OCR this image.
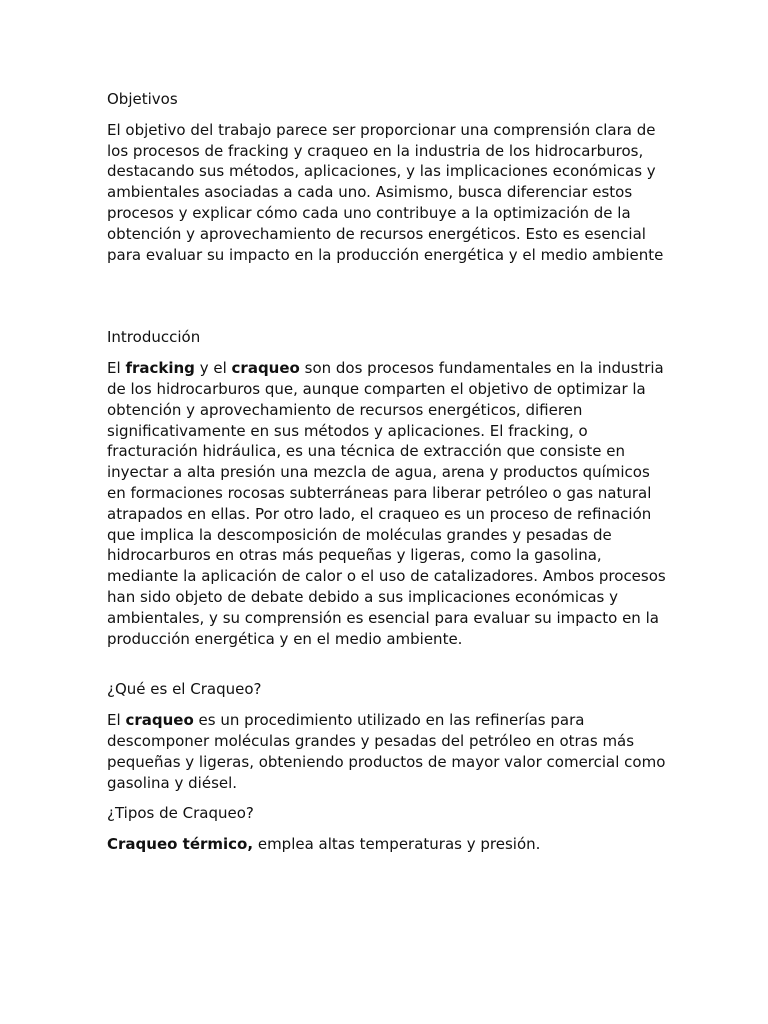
Objetivos

El objetivo del trabajo parece ser proporcionar una comprensión clara de los procesos de fracking y craqueo en la industria de los hidrocarburos, destacando sus métodos, aplicaciones, y las implicaciones económicas y ambientales asociadas a cada uno. Asimismo, busca diferenciar estos procesos y explicar cómo cada uno contribuye a la optimización de la obtención y aprovechamiento de recursos energéticos. Esto es esencial para evaluar su impacto en la producción energética y el medio ambiente

Introducción

El fracking y el craqueo son dos procesos fundamentales en la industria de los hidrocarburos que, aunque comparten el objetivo de optimizar la obtención y aprovechamiento de recursos energéticos, difieren significativamente en sus métodos y aplicaciones. El fracking, o fracturación hidráulica, es una técnica de extracción que consiste en inyectar a alta presión una mezcla de agua, arena y productos químicos en formaciones rocosas subterráneas para liberar petróleo o gas natural atrapados en ellas. Por otro lado, el craqueo es un proceso de refinación que implica la descomposición de moléculas grandes y pesadas de hidrocarburos en otras más pequeñas y ligeras, como la gasolina, mediante la aplicación de calor o el uso de catalizadores. Ambos procesos han sido objeto de debate debido a sus implicaciones económicas y ambientales, y su comprensión es esencial para evaluar su impacto en la producción energética y en el medio ambiente.

¿Qué es el Craqueo?

El craqueo es un procedimiento utilizado en las refinerías para descomponer moléculas grandes y pesadas del petróleo en otras más pequeñas y ligeras, obteniendo productos de mayor valor comercial como gasolina y diésel.

¿Tipos de Craqueo?

Craqueo térmico, emplea altas temperaturas y presión.
